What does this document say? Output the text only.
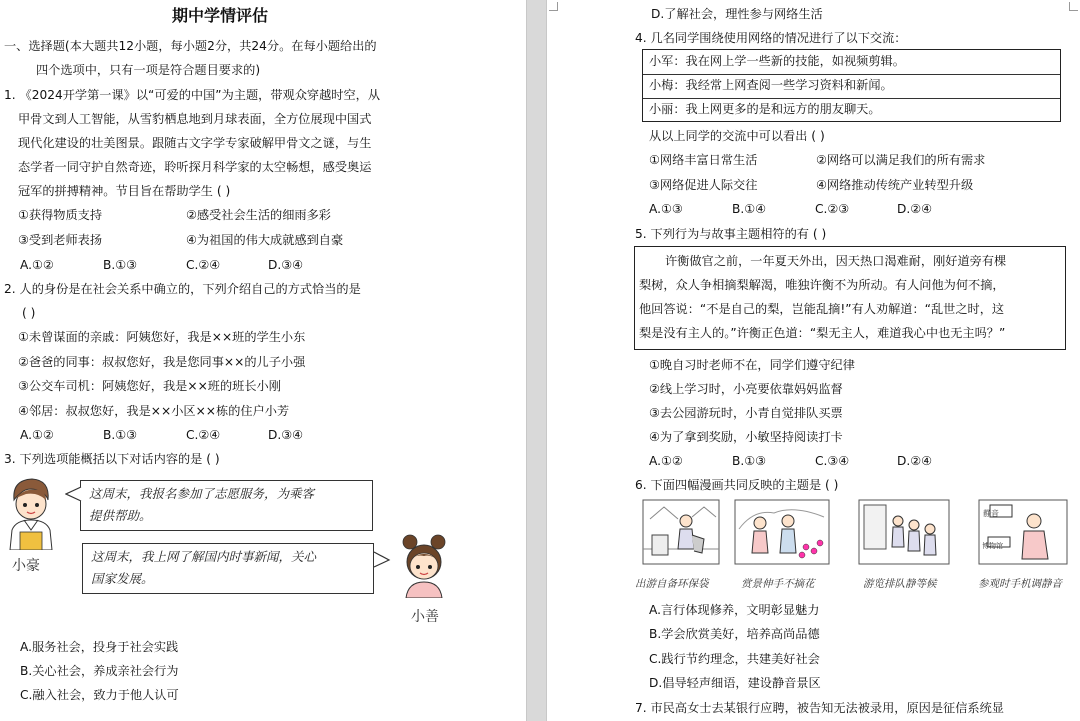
期中学情评估
一、选择题(本大题共12小题，每小题2分，共24分。在每小题给出的
四个选项中，只有一项是符合题目要求的)
1. 《2024开学第一课》以“可爱的中国”为主题，带观众穿越时空，从
甲骨文到人工智能，从雪豹栖息地到月球表面，全方位展现中国式
现代化建设的壮美图景。跟随古文字学专家破解甲骨文之谜，与生
态学者一同守护自然奇迹，聆听探月科学家的太空畅想，感受奥运
冠军的拼搏精神。节目旨在帮助学生 ( )
①获得物质支持	②感受社会生活的细雨多彩
③受到老师表扬	④为祖国的伟大成就感到自豪
A.①②	B.①③	C.②④	D.③④
2. 人的身份是在社会关系中确立的，下列介绍自己的方式恰当的是
( )
①未曾谋面的亲戚：阿姨您好，我是××班的学生小东
②爸爸的同事：叔叔您好，我是您同事××的儿子小强
③公交车司机：阿姨您好，我是××班的班长小刚
④邻居：叔叔您好，我是××小区××栋的住户小芳
A.①②	B.①③	C.②④	D.③④
3. 下列选项能概括以下对话内容的是 ( )
小豪
这周末，我报名参加了志愿服务，为乘客
提供帮助。
这周末，我上网了解国内时事新闻，关心
国家发展。
小善
A.服务社会，投身于社会实践
B.关心社会，养成亲社会行为
C.融入社会，致力于他人认可
D.了解社会，理性参与网络生活
4. 几名同学围绕使用网络的情况进行了以下交流：
小军：我在网上学一些新的技能，如视频剪辑。
小梅：我经常上网查阅一些学习资料和新闻。
小丽：我上网更多的是和远方的朋友聊天。
从以上同学的交流中可以看出 ( )
①网络丰富日常生活	②网络可以满足我们的所有需求
③网络促进人际交往	④网络推动传统产业转型升级
A.①③	B.①④	C.②③	D.②④
5. 下列行为与故事主题相符的有 ( )
许衡做官之前，一年夏天外出，因天热口渴难耐，刚好道旁有棵
梨树，众人争相摘梨解渴，唯独许衡不为所动。有人问他为何不摘，
他回答说：“不是自己的梨，岂能乱摘!”有人劝解道：“乱世之时，这
梨是没有主人的。”许衡正色道：“梨无主人，难道我心中也无主吗？”
①晚自习时老师不在，同学们遵守纪律
②线上学习时，小亮要依靠妈妈监督
③去公园游玩时，小青自觉排队买票
④为了拿到奖励，小敏坚持阅读打卡
A.①②	B.①③	C.③④	D.②④
6. 下面四幅漫画共同反映的主题是 ( )
静音
博物馆
出游自备环保袋	赏景伸手不摘花	游览排队静等候	参观时手机调静音
A.言行体现修养，文明彰显魅力
B.学会欣赏美好，培养高尚品德
C.践行节约理念，共建美好社会
D.倡导轻声细语，建设静音景区
7. 市民高女士去某银行应聘，被告知无法被录用，原因是征信系统显
